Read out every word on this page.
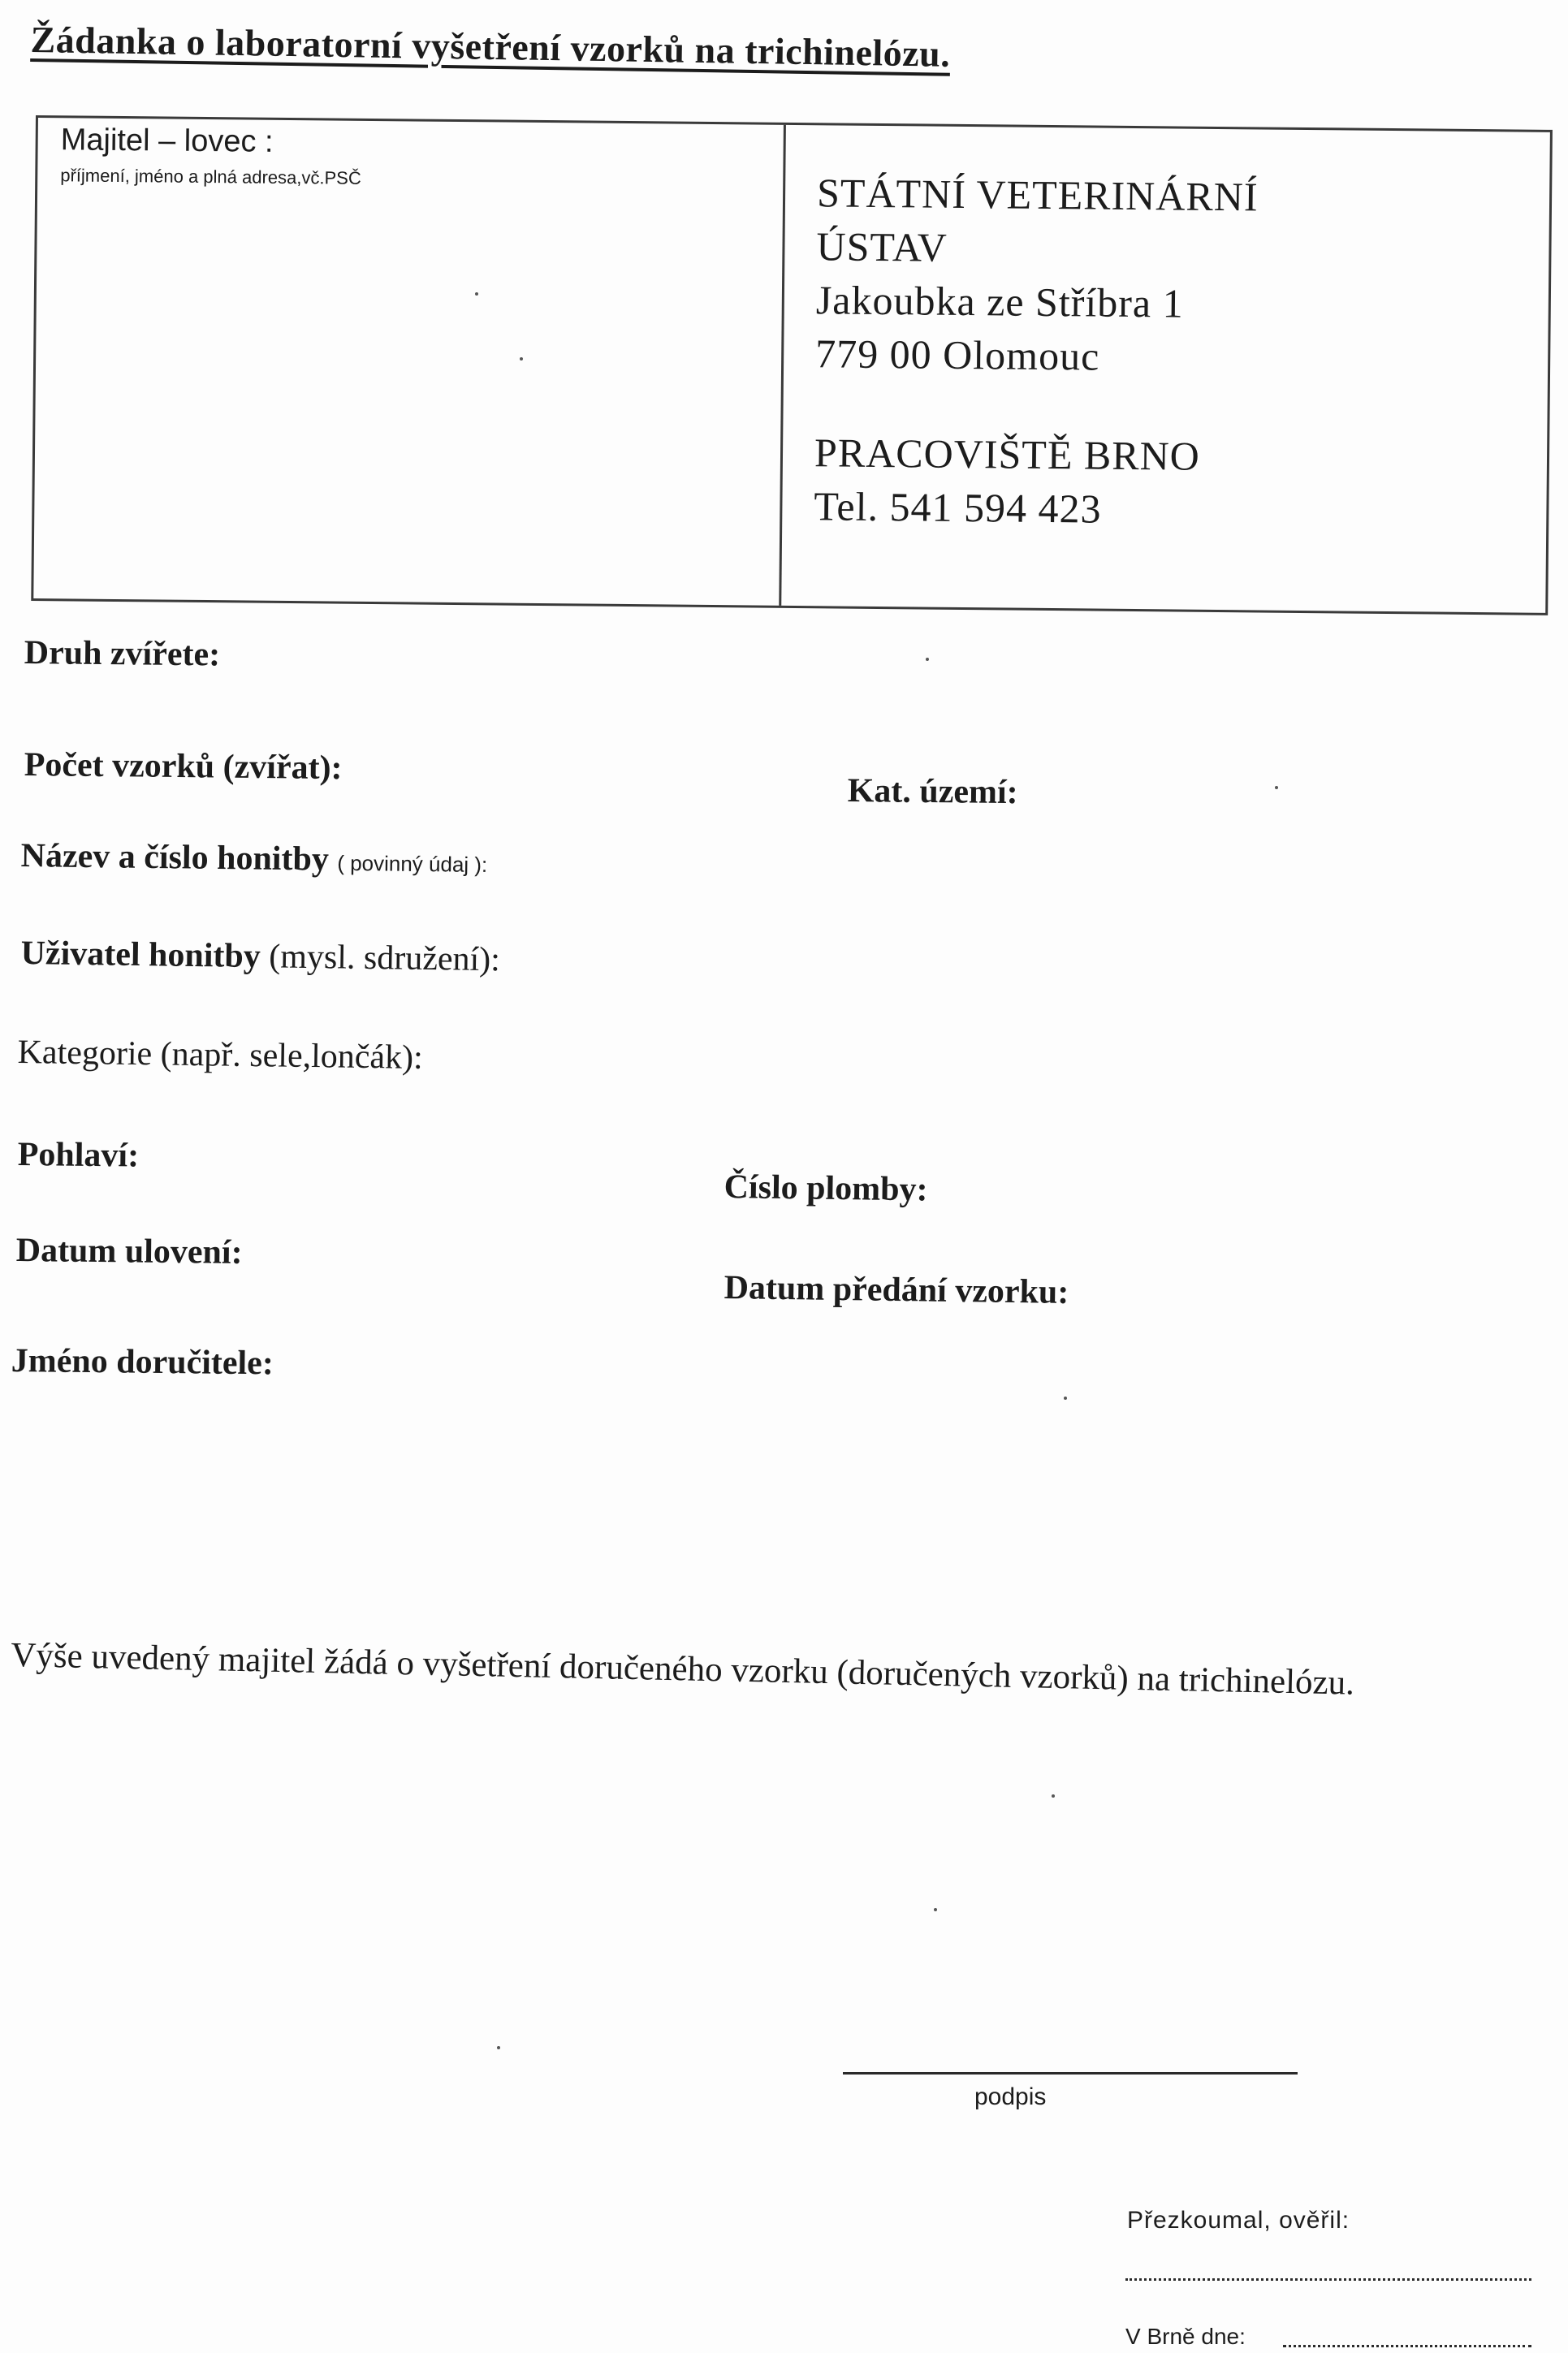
Žádanka o laboratorní vyšetření vzorků na trichinelózu.
Majitel – lovec :
příjmení, jméno a plná adresa,vč.PSČ	STÁTNÍ VETERINÁRNÍ
ÚSTAV
Jakoubka ze Stříbra 1
779 00 Olomouc
PRACOVIŠTĚ BRNO
Tel. 541 594 423
Druh zvířete:
Počet vzorků (zvířat):
Kat. území:
Název a číslo honitby ( povinný údaj ):
Uživatel honitby (mysl. sdružení):
Kategorie (např. sele,lončák):
Pohlaví:
Číslo plomby:
Datum ulovení:
Datum předání vzorku:
Jméno doručitele:
Výše uvedený majitel žádá o vyšetření doručeného vzorku (doručených vzorků) na trichinelózu.
podpis
Přezkoumal, ověřil:
V Brně dne:
